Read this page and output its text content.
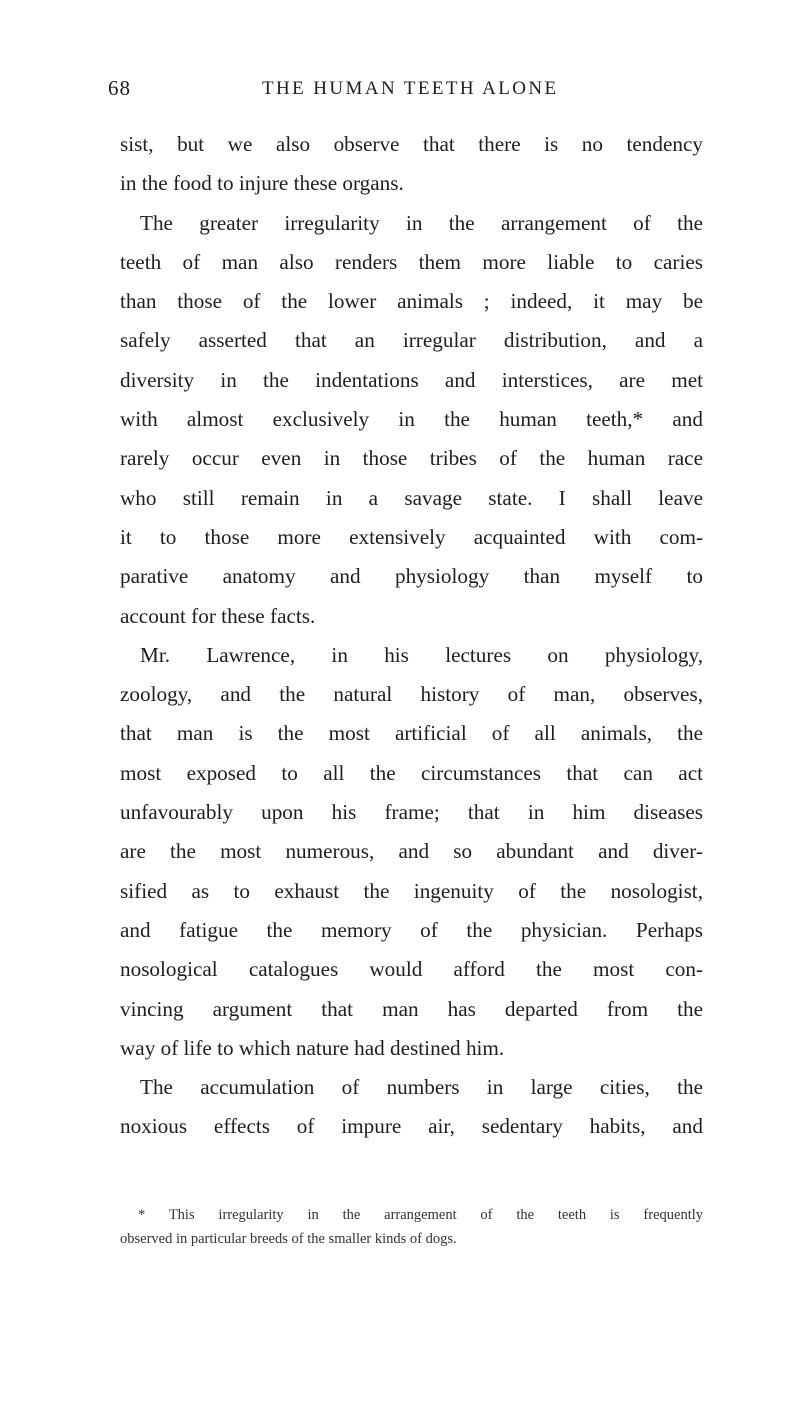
68	THE HUMAN TEETH ALONE
sist, but we also observe that there is no tendency
in the food to injure these organs.
The greater irregularity in the arrangement of the
teeth of man also renders them more liable to caries
than those of the lower animals ; indeed, it may be
safely asserted that an irregular distribution, and a
diversity in the indentations and interstices, are met
with almost exclusively in the human teeth,* and
rarely occur even in those tribes of the human race
who still remain in a savage state. I shall leave
it to those more extensively acquainted with com-
parative anatomy and physiology than myself to
account for these facts.
Mr. Lawrence, in his lectures on physiology,
zoology, and the natural history of man, observes,
that man is the most artificial of all animals, the
most exposed to all the circumstances that can act
unfavourably upon his frame; that in him diseases
are the most numerous, and so abundant and diver-
sified as to exhaust the ingenuity of the nosologist,
and fatigue the memory of the physician. Perhaps
nosological catalogues would afford the most con-
vincing argument that man has departed from the
way of life to which nature had destined him.
The accumulation of numbers in large cities, the
noxious effects of impure air, sedentary habits, and
* This irregularity in the arrangement of the teeth is frequently
observed in particular breeds of the smaller kinds of dogs.
